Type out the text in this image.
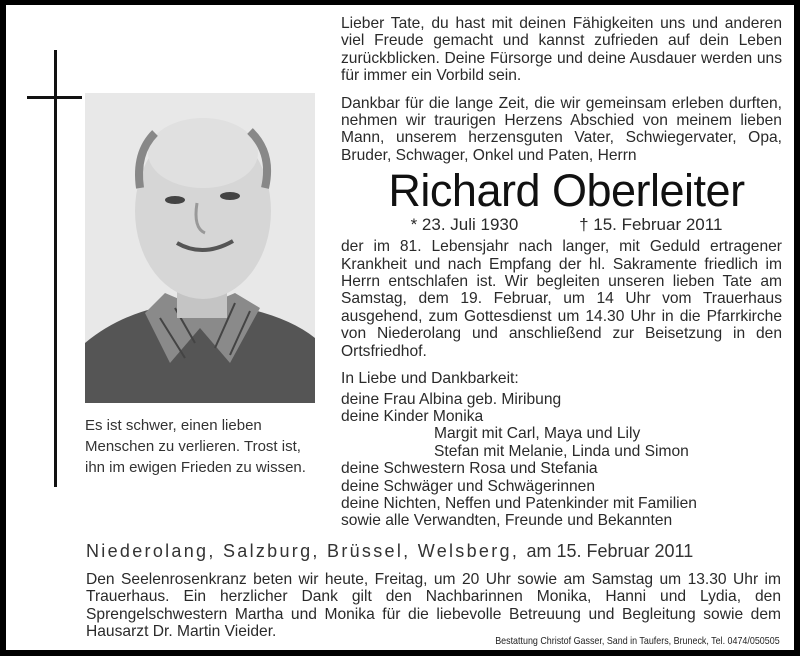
Es ist schwer, einen lieben Menschen zu verlieren. Trost ist, ihn im ewigen Frieden zu wissen.

Lieber Tate, du hast mit deinen Fähigkeiten uns und anderen viel Freude gemacht und kannst zufrieden auf dein Leben zurückblicken. Deine Fürsorge und deine Ausdauer werden uns für immer ein Vorbild sein.

Dankbar für die lange Zeit, die wir gemeinsam erleben durften, nehmen wir traurigen Herzens Abschied von meinem lieben Mann, unserem herzensguten Vater, Schwiegervater, Opa, Bruder, Schwager, Onkel und Paten, Herrn

Richard Oberleiter
* 23. Juli 1930	† 15. Februar 2011

der im 81. Lebensjahr nach langer, mit Geduld ertragener Krankheit und nach Empfang der hl. Sakramente friedlich im Herrn entschlafen ist. Wir begleiten unseren lieben Tate am Samstag, dem 19. Februar, um 14 Uhr vom Trauerhaus ausgehend, zum Gottesdienst um 14.30 Uhr in die Pfarrkirche von Niederolang und anschließend zur Beisetzung in den Ortsfriedhof.

In Liebe und Dankbarkeit:
deine Frau Albina geb. Miribung
deine Kinder Monika
Margit mit Carl, Maya und Lily
Stefan mit Melanie, Linda und Simon
deine Schwestern Rosa und Stefania
deine Schwäger und Schwägerinnen
deine Nichten, Neffen und Patenkinder mit Familien
sowie alle Verwandten, Freunde und Bekannten
Niederolang, Salzburg, Brüssel, Welsberg, am 15. Februar 2011

Den Seelenrosenkranz beten wir heute, Freitag, um 20 Uhr sowie am Samstag um 13.30 Uhr im Trauerhaus. Ein herzlicher Dank gilt den Nachbarinnen Monika, Hanni und Lydia, den Sprengelschwestern Martha und Monika für die liebevolle Betreuung und Begleitung sowie dem Hausarzt Dr. Martin Vieider.

Bestattung Christof Gasser, Sand in Taufers, Bruneck, Tel. 0474/050505
